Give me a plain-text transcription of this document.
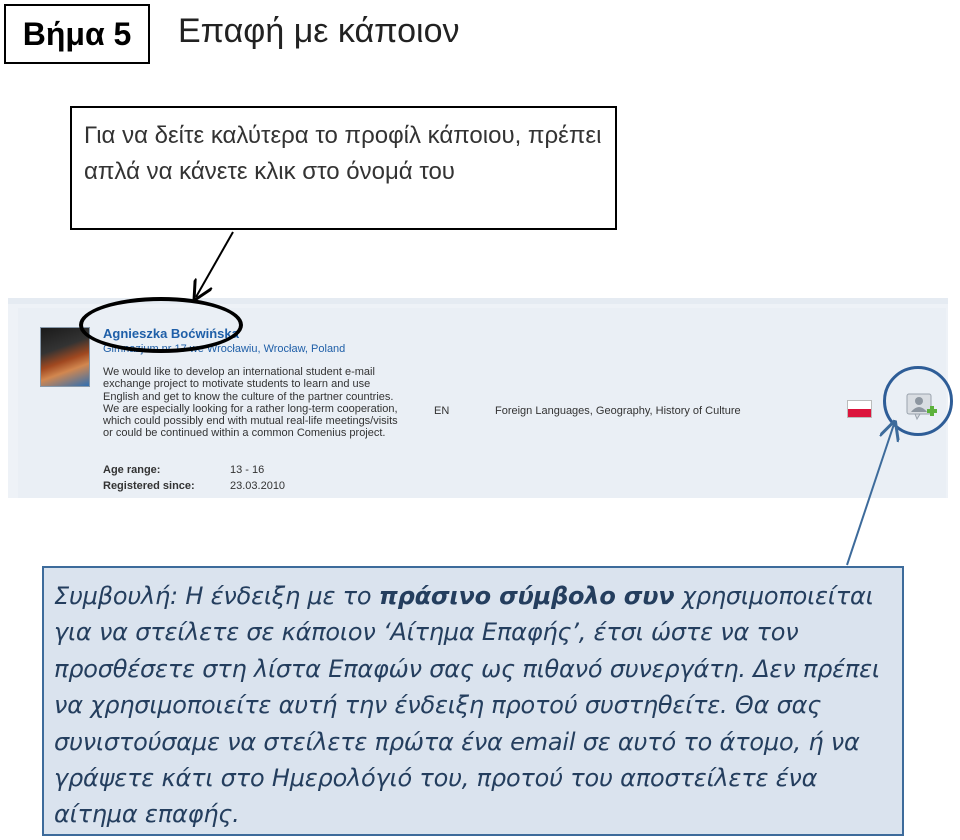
Βήμα 5	Επαφή με κάποιον
Για να δείτε καλύτερα το προφίλ κάποιου, πρέπει απλά να κάνετε κλικ στο όνομά του
Agnieszka Boćwińska
Gimnazjum nr 17 we Wrocławiu, Wrocław, Poland
We would like to develop an international student e-mail exchange project to motivate students to learn and use English and get to know the culture of the partner countries. We are especially looking for a rather long-term cooperation, which could possibly end with mutual real-life meetings/visits or could be continued within a common Comenius project.
Age range:	13 - 16
Registered since:	23.03.2010
EN	Foreign Languages, Geography, History of Culture
Συμβουλή: Η ένδειξη με το πράσινο σύμβολο συν χρησιμοποιείται για να στείλετε σε κάποιον ‘Αίτημα Επαφής’, έτσι ώστε να τον προσθέσετε στη λίστα Επαφών σας ως πιθανό συνεργάτη. Δεν πρέπει να χρησιμοποιείτε αυτή την ένδειξη προτού συστηθείτε. Θα σας συνιστούσαμε να στείλετε πρώτα ένα email σε αυτό το άτομο, ή να γράψετε κάτι στο Ημερολόγιό του, προτού του αποστείλετε ένα αίτημα επαφής.
